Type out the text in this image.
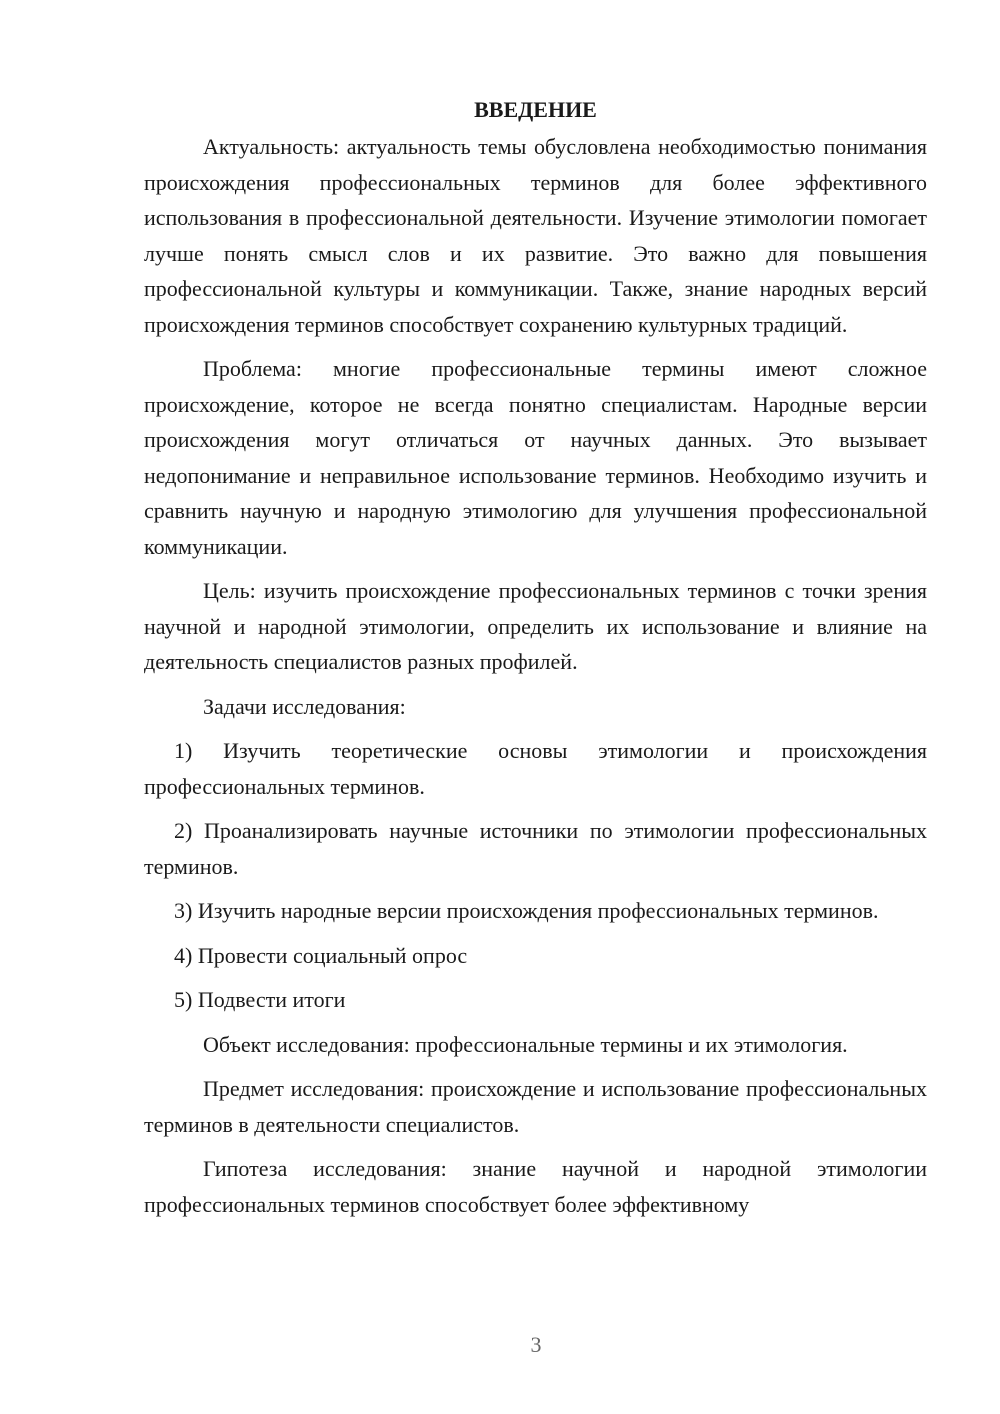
ВВЕДЕНИЕ

Актуальность: актуальность темы обусловлена необходимостью понимания происхождения профессиональных терминов для более эффективного использования в профессиональной деятельности. Изучение этимологии помогает лучше понять смысл слов и их развитие. Это важно для повышения профессиональной культуры и коммуникации. Также, знание народных версий происхождения терминов способствует сохранению культурных традиций.

Проблема: многие профессиональные термины имеют сложное происхождение, которое не всегда понятно специалистам. Народные версии происхождения могут отличаться от научных данных. Это вызывает недопонимание и неправильное использование терминов. Необходимо изучить и сравнить научную и народную этимологию для улучшения профессиональной коммуникации.

Цель: изучить происхождение профессиональных терминов с точки зрения научной и народной этимологии, определить их использование и влияние на деятельность специалистов разных профилей.

Задачи исследования:

1) Изучить теоретические основы этимологии и происхождения профессиональных терминов.

2) Проанализировать научные источники по этимологии профессиональных терминов.

3) Изучить народные версии происхождения профессиональных терминов.

4) Провести социальный опрос

5) Подвести итоги

Объект исследования: профессиональные термины и их этимология.

Предмет исследования: происхождение и использование профессиональных терминов в деятельности специалистов.

Гипотеза исследования: знание научной и народной этимологии профессиональных терминов способствует более эффективному

3
